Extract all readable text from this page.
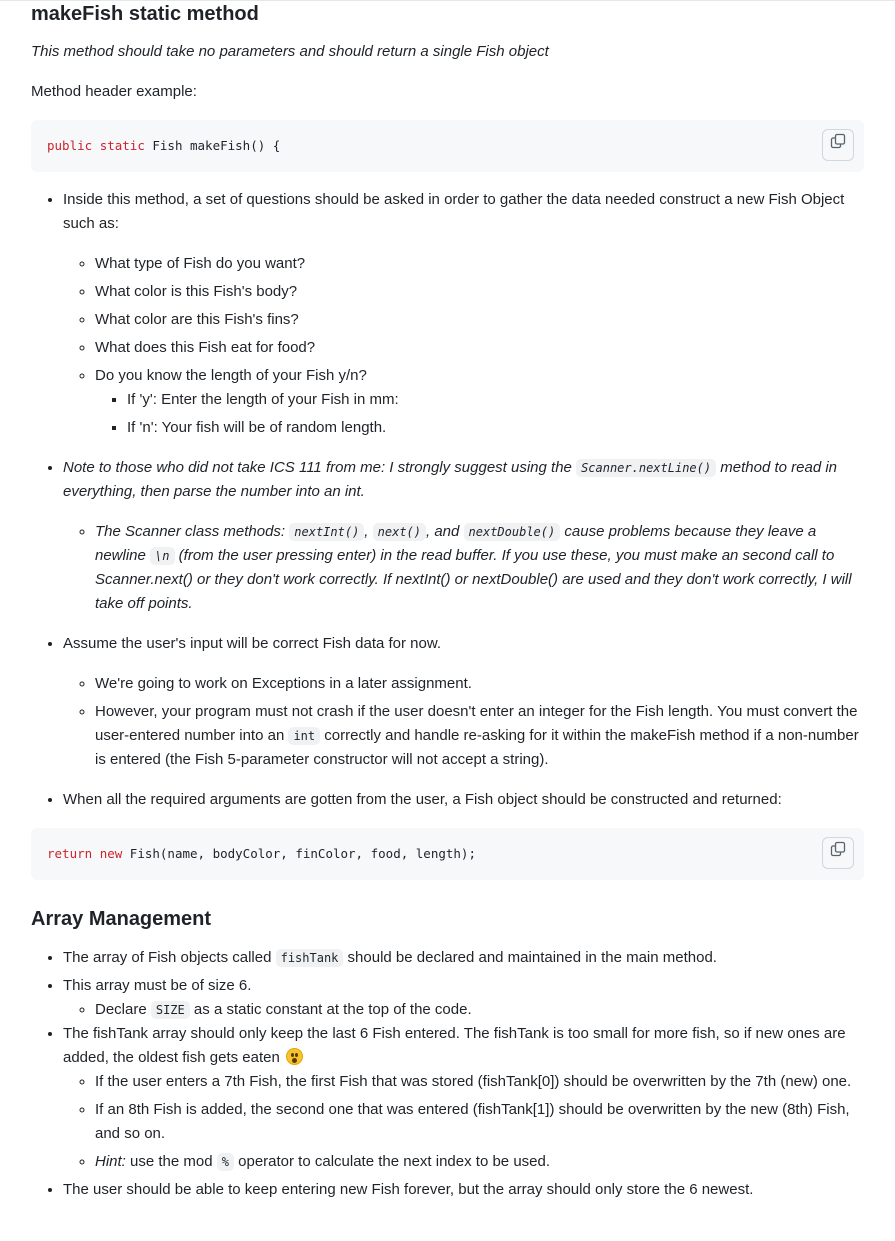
makeFish static method

This method should take no parameters and should return a single Fish object

Method header example:

public static Fish makeFish() {
• Inside this method, a set of questions should be asked in order to gather the data needed construct a new Fish Object such as:
◦ What type of Fish do you want?
◦ What color is this Fish's body?
◦ What color are this Fish's fins?
◦ What does this Fish eat for food?
◦ Do you know the length of your Fish y/n?
▪ If 'y': Enter the length of your Fish in mm:
▪ If 'n': Your fish will be of random length.
• Note to those who did not take ICS 111 from me: I strongly suggest using the Scanner.nextLine() method to read in everything, then parse the number into an int.
◦ The Scanner class methods: nextInt() , next() , and nextDouble() cause problems because they leave a newline \n (from the user pressing enter) in the read buffer. If you use these, you must make an second call to Scanner.next() or they don't work correctly. If nextInt() or nextDouble() are used and they don't work correctly, I will take off points.
• Assume the user's input will be correct Fish data for now.
◦ We're going to work on Exceptions in a later assignment.
◦ However, your program must not crash if the user doesn't enter an integer for the Fish length. You must convert the user-entered number into an int correctly and handle re-asking for it within the makeFish method if a non-number is entered (the Fish 5-parameter constructor will not accept a string).
• When all the required arguments are gotten from the user, a Fish object should be constructed and returned:
return new Fish(name, bodyColor, finColor, food, length);
Array Management
• The array of Fish objects called fishTank should be declared and maintained in the main method.
• This array must be of size 6.
◦ Declare SIZE as a static constant at the top of the code.
• The fishTank array should only keep the last 6 Fish entered. The fishTank is too small for more fish, so if new ones are added, the oldest fish gets eaten
◦ If the user enters a 7th Fish, the first Fish that was stored (fishTank[0]) should be overwritten by the 7th (new) one.
◦ If an 8th Fish is added, the second one that was entered (fishTank[1]) should be overwritten by the new (8th) Fish, and so on.
◦ Hint: use the mod % operator to calculate the next index to be used.
• The user should be able to keep entering new Fish forever, but the array should only store the 6 newest.
